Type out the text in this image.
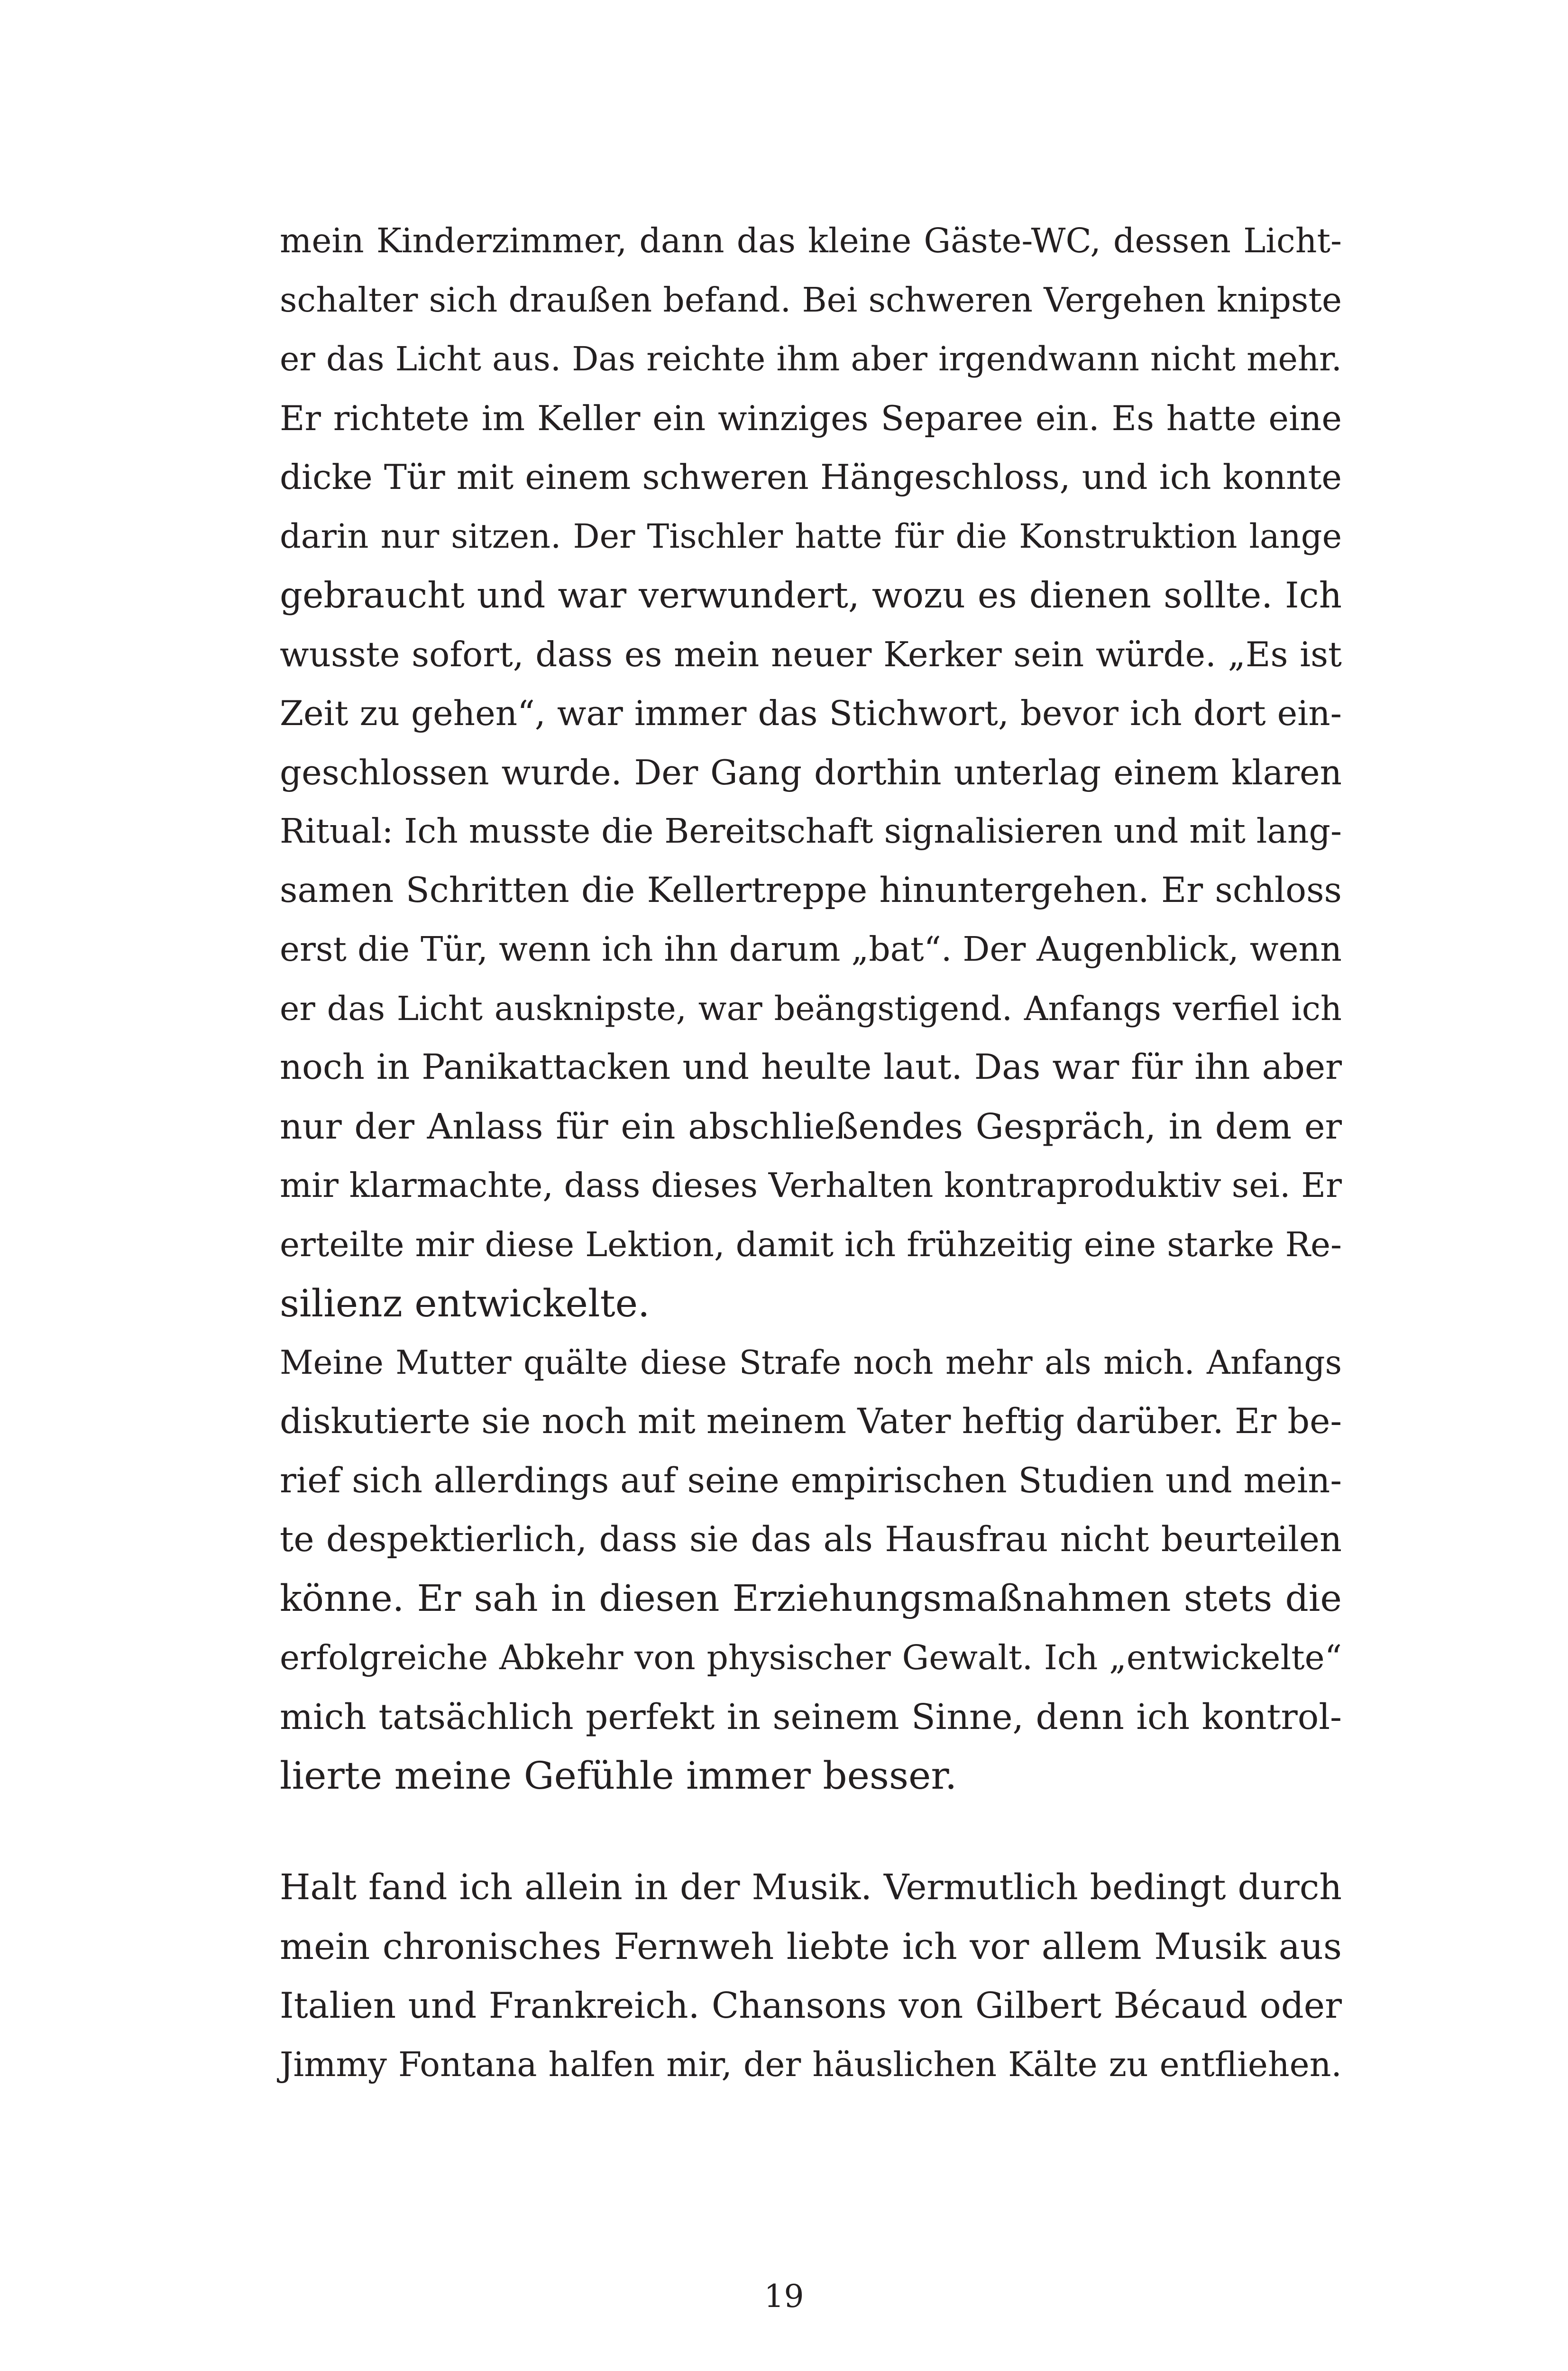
mein Kinderzimmer, dann das kleine Gäste-WC, dessen Licht-
schalter sich draußen befand. Bei schweren Vergehen knipste
er das Licht aus. Das reichte ihm aber irgendwann nicht mehr.
Er richtete im Keller ein winziges Separee ein. Es hatte eine
dicke Tür mit einem schweren Hängeschloss, und ich konnte
darin nur sitzen. Der Tischler hatte für die Konstruktion lange
gebraucht und war verwundert, wozu es dienen sollte. Ich
wusste sofort, dass es mein neuer Kerker sein würde. „Es ist
Zeit zu gehen“, war immer das Stichwort, bevor ich dort ein-
geschlossen wurde. Der Gang dorthin unterlag einem klaren
Ritual: Ich musste die Bereitschaft signalisieren und mit lang-
samen Schritten die Kellertreppe hinuntergehen. Er schloss
erst die Tür, wenn ich ihn darum „bat“. Der Augenblick, wenn
er das Licht ausknipste, war beängstigend. Anfangs verfiel ich
noch in Panikattacken und heulte laut. Das war für ihn aber
nur der Anlass für ein abschließendes Gespräch, in dem er
mir klarmachte, dass dieses Verhalten kontraproduktiv sei. Er
erteilte mir diese Lektion, damit ich frühzeitig eine starke Re-
silienz entwickelte.
Meine Mutter quälte diese Strafe noch mehr als mich. Anfangs
diskutierte sie noch mit meinem Vater heftig darüber. Er be-
rief sich allerdings auf seine empirischen Studien und mein-
te despektierlich, dass sie das als Hausfrau nicht beurteilen
könne. Er sah in diesen Erziehungsmaßnahmen stets die
erfolgreiche Abkehr von physischer Gewalt. Ich „entwickelte“
mich tatsächlich perfekt in seinem Sinne, denn ich kontrol-
lierte meine Gefühle immer besser.
Halt fand ich allein in der Musik. Vermutlich bedingt durch
mein chronisches Fernweh liebte ich vor allem Musik aus
Italien und Frankreich. Chansons von Gilbert Bécaud oder
Jimmy Fontana halfen mir, der häuslichen Kälte zu entfliehen.
19
